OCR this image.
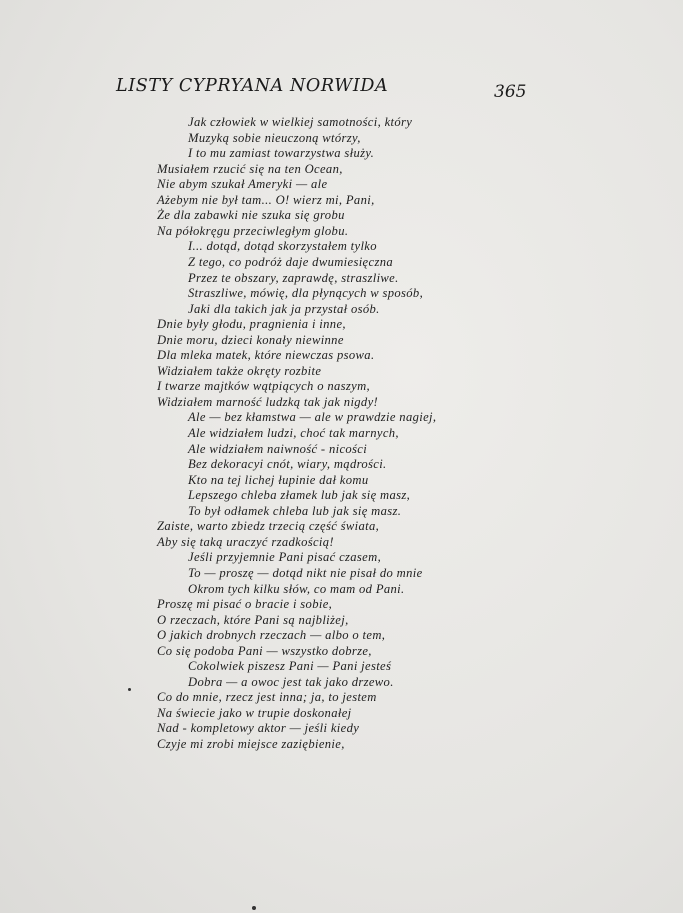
LISTY CYPRYANA NORWIDA	365
Jak człowiek w wielkiej samotności, który
Muzyką sobie nieuczoną wtórzy,
I to mu zamiast towarzystwa służy.
Musiałem rzucić się na ten Ocean,
Nie abym szukał Ameryki — ale
Ażebym nie był tam... O! wierz mi, Pani,
Że dla zabawki nie szuka się grobu
Na półokręgu przeciwległym globu.
I... dotąd, dotąd skorzystałem tylko
Z tego, co podróż daje dwumiesięczna
Przez te obszary, zaprawdę, straszliwe.
Straszliwe, mówię, dla płynących w sposób,
Jaki dla takich jak ja przystał osób.
Dnie były głodu, pragnienia i inne,
Dnie moru, dzieci konały niewinne
Dla mleka matek, które niewczas psowa.
Widziałem także okręty rozbite
I twarze majtków wątpiących o naszym,
Widziałem marność ludzką tak jak nigdy!
Ale — bez kłamstwa — ale w prawdzie nagiej,
Ale widziałem ludzi, choć tak marnych,
Ale widziałem naiwność - nicości
Bez dekoracyi cnót, wiary, mądrości.
Kto na tej lichej łupinie dał komu
Lepszego chleba złamek lub jak się masz,
To był odłamek chleba lub jak się masz.
Zaiste, warto zbiedz trzecią część świata,
Aby się taką uraczyć rzadkością!
Jeśli przyjemnie Pani pisać czasem,
To — proszę — dotąd nikt nie pisał do mnie
Okrom tych kilku słów, co mam od Pani.
Proszę mi pisać o bracie i sobie,
O rzeczach, które Pani są najbliżej,
O jakich drobnych rzeczach — albo o tem,
Co się podoba Pani — wszystko dobrze,
Cokolwiek piszesz Pani — Pani jesteś
Dobra — a owoc jest tak jako drzewo.
Co do mnie, rzecz jest inna; ja, to jestem
Na świecie jako w trupie doskonałej
Nad - kompletowy aktor — jeśli kiedy
Czyje mi zrobi miejsce zaziębienie,
